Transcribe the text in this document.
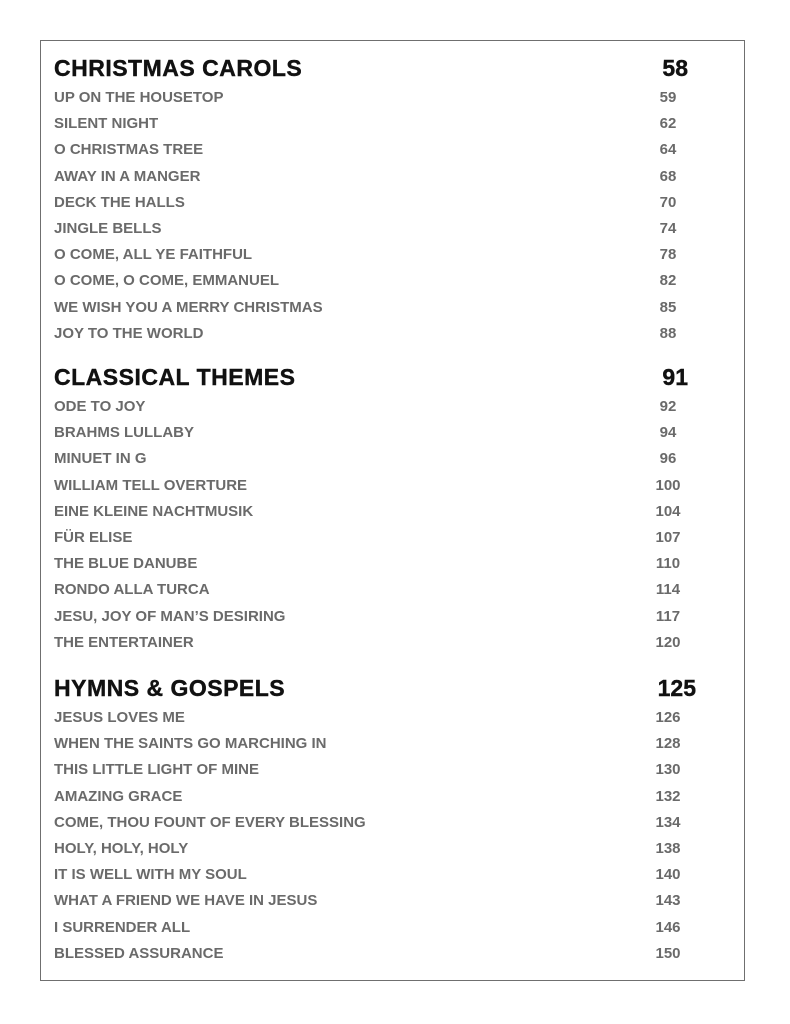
CHRISTMAS CAROLS	58
UP ON THE HOUSETOP	59
SILENT NIGHT	62
O CHRISTMAS TREE	64
AWAY IN A MANGER	68
DECK THE HALLS	70
JINGLE BELLS	74
O COME, ALL YE FAITHFUL	78
O COME, O COME, EMMANUEL	82
WE WISH YOU A MERRY CHRISTMAS	85
JOY TO THE WORLD	88
CLASSICAL THEMES	91
ODE TO JOY	92
BRAHMS LULLABY	94
MINUET IN G	96
WILLIAM TELL OVERTURE	100
EINE KLEINE NACHTMUSIK	104
FÜR ELISE	107
THE BLUE DANUBE	110
RONDO ALLA TURCA	114
JESU, JOY OF MAN’S DESIRING	117
THE ENTERTAINER	120
HYMNS & GOSPELS	125
JESUS LOVES ME	126
WHEN THE SAINTS GO MARCHING IN	128
THIS LITTLE LIGHT OF MINE	130
AMAZING GRACE	132
COME, THOU FOUNT OF EVERY BLESSING	134
HOLY, HOLY, HOLY	138
IT IS WELL WITH MY SOUL	140
WHAT A FRIEND WE HAVE IN JESUS	143
I SURRENDER ALL	146
BLESSED ASSURANCE	150
